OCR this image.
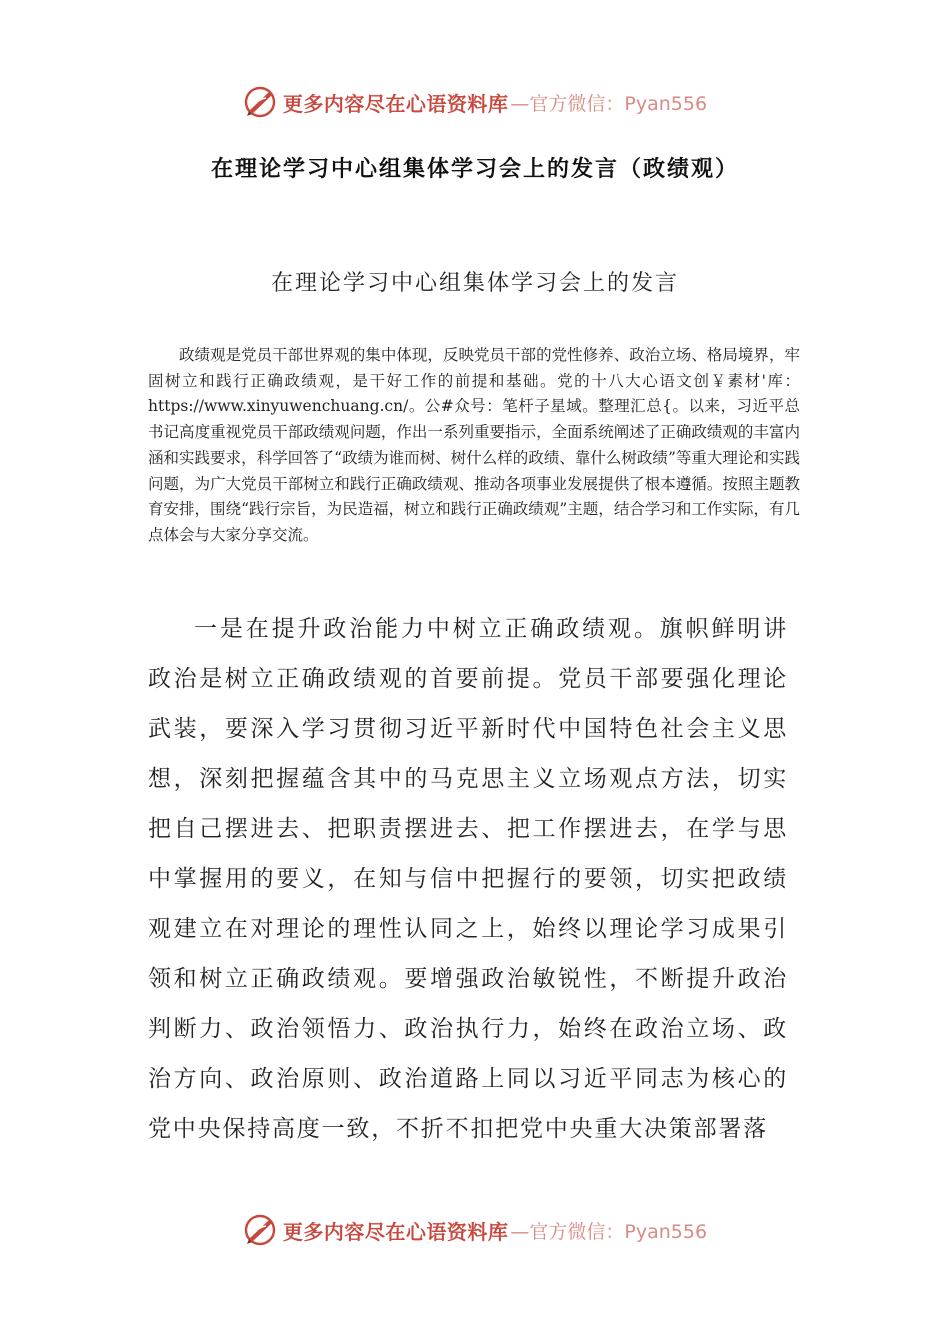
更多内容尽在心语资料库 —官方微信：Pyan556
在理论学习中心组集体学习会上的发言（政绩观）
在理论学习中心组集体学习会上的发言

政绩观是党员干部世界观的集中体现，反映党员干部的党性修养、政治立场、格局境界，牢固树立和践行正确政绩观，是干好工作的前提和基础。党的十八大心语文创￥素材'库：https://www.xinyuwenchuang.cn/。公#众号：笔杆子星域。整理汇总{。以来，习近平总书记高度重视党员干部政绩观问题，作出一系列重要指示，全面系统阐述了正确政绩观的丰富内涵和实践要求，科学回答了“政绩为谁而树、树什么样的政绩、靠什么树政绩”等重大理论和实践问题，为广大党员干部树立和践行正确政绩观、推动各项事业发展提供了根本遵循。按照主题教育安排，围绕“践行宗旨，为民造福，树立和践行正确政绩观”主题，结合学习和工作实际，有几点体会与大家分享交流。

一是在提升政治能力中树立正确政绩观。旗帜鲜明讲政治是树立正确政绩观的首要前提。党员干部要强化理论武装，要深入学习贯彻习近平新时代中国特色社会主义思想，深刻把握蕴含其中的马克思主义立场观点方法，切实把自己摆进去、把职责摆进去、把工作摆进去，在学与思中掌握用的要义，在知与信中把握行的要领，切实把政绩观建立在对理论的理性认同之上，始终以理论学习成果引领和树立正确政绩观。要增强政治敏锐性，不断提升政治判断力、政治领悟力、政治执行力，始终在政治立场、政治方向、政治原则、政治道路上同以习近平同志为核心的党中央保持高度一致，不折不扣把党中央重大决策部署落

更多内容尽在心语资料库 —官方微信：Pyan556
